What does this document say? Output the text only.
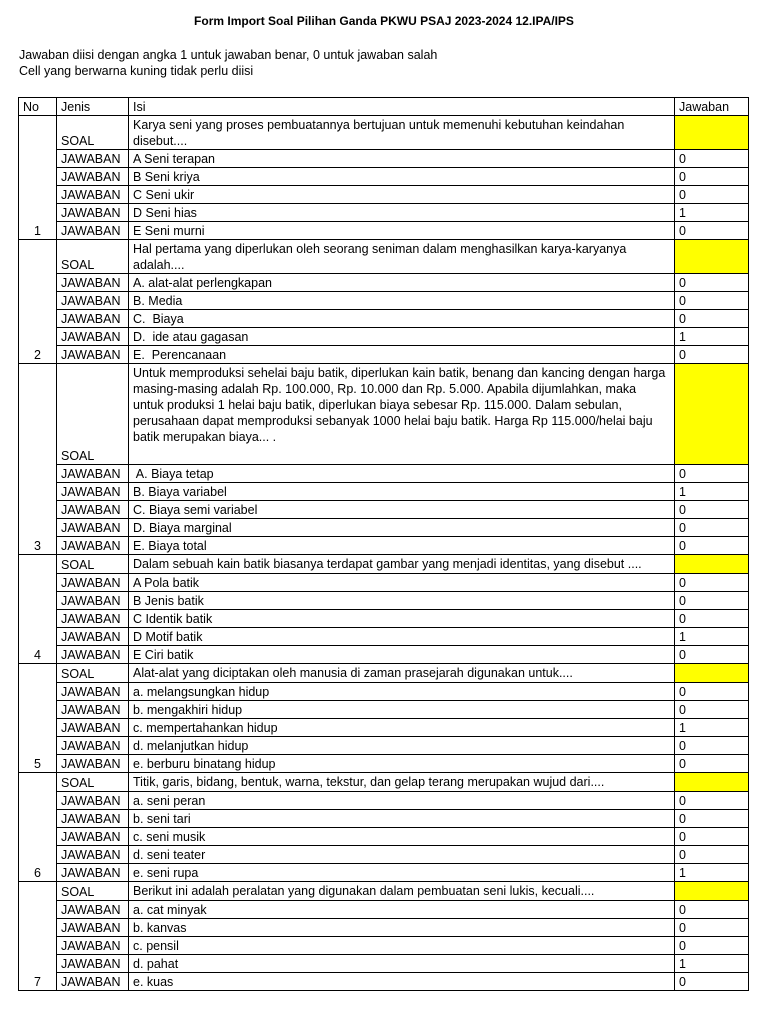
Form Import Soal Pilihan Ganda PKWU PSAJ 2023-2024 12.IPA/IPS
Jawaban diisi dengan angka 1 untuk jawaban benar, 0 untuk jawaban salah
Cell yang berwarna kuning tidak perlu diisi
No	Jenis	Isi	Jawaban
1	SOAL	Karya seni yang proses pembuatannya bertujuan untuk memenuhi kebutuhan keindahan disebut....	
	JAWABAN	A Seni terapan	0
	JAWABAN	B Seni kriya	0
	JAWABAN	C Seni ukir	0
	JAWABAN	D Seni hias	1
	JAWABAN	E Seni murni	0
2	SOAL	Hal pertama yang diperlukan oleh seorang seniman dalam menghasilkan karya-karyanya adalah....	
	JAWABAN	A. alat-alat perlengkapan	0
	JAWABAN	B. Media	0
	JAWABAN	C.  Biaya	0
	JAWABAN	D.  ide atau gagasan	1
	JAWABAN	E.  Perencanaan	0
3	SOAL	Untuk memproduksi sehelai baju batik, diperlukan kain batik, benang dan kancing dengan harga masing-masing adalah Rp. 100.000, Rp. 10.000 dan Rp. 5.000. Apabila dijumlahkan, maka untuk produksi 1 helai baju batik, diperlukan biaya sebesar Rp. 115.000. Dalam sebulan, perusahaan dapat memproduksi sebanyak 1000 helai baju batik. Harga Rp 115.000/helai baju batik merupakan biaya... .	
	JAWABAN	A. Biaya tetap	0
	JAWABAN	B. Biaya variabel	1
	JAWABAN	C. Biaya semi variabel	0
	JAWABAN	D. Biaya marginal	0
	JAWABAN	E. Biaya total	0
4	SOAL	Dalam sebuah kain batik biasanya terdapat gambar yang menjadi identitas, yang disebut ....	
	JAWABAN	A Pola batik	0
	JAWABAN	B Jenis batik	0
	JAWABAN	C Identik batik	0
	JAWABAN	D Motif batik	1
	JAWABAN	E Ciri batik	0
5	SOAL	Alat-alat yang diciptakan oleh manusia di zaman prasejarah digunakan untuk....	
	JAWABAN	a. melangsungkan hidup	0
	JAWABAN	b. mengakhiri hidup	0
	JAWABAN	c. mempertahankan hidup	1
	JAWABAN	d. melanjutkan hidup	0
	JAWABAN	e. berburu binatang hidup	0
6	SOAL	Titik, garis, bidang, bentuk, warna, tekstur, dan gelap terang merupakan wujud dari....	
	JAWABAN	a. seni peran	0
	JAWABAN	b. seni tari	0
	JAWABAN	c. seni musik	0
	JAWABAN	d. seni teater	0
	JAWABAN	e. seni rupa	1
7	SOAL	Berikut ini adalah peralatan yang digunakan dalam pembuatan seni lukis, kecuali....	
	JAWABAN	a. cat minyak	0
	JAWABAN	b. kanvas	0
	JAWABAN	c. pensil	0
	JAWABAN	d. pahat	1
	JAWABAN	e. kuas	0
